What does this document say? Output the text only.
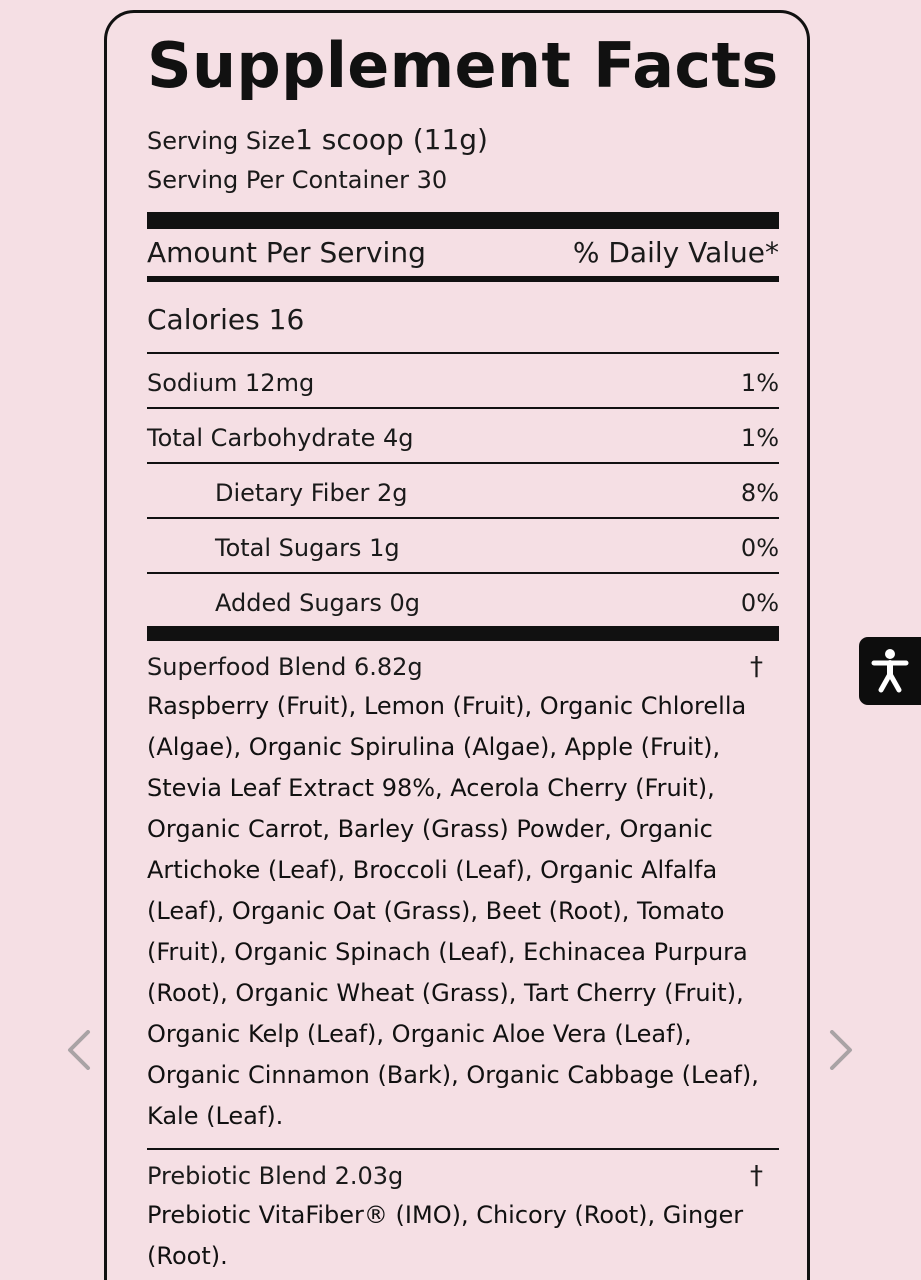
Supplement Facts
Serving Size1 scoop (11g)
Serving Per Container 30
Amount Per Serving	% Daily Value*
Calories 16
Sodium 12mg	1%
Total Carbohydrate 4g	1%
Dietary Fiber 2g	8%
Total Sugars 1g	0%
Added Sugars 0g	0%
Superfood Blend 6.82g	†
Raspberry (Fruit), Lemon (Fruit), Organic Chlorella (Algae), Organic Spirulina (Algae), Apple (Fruit), Stevia Leaf Extract 98%, Acerola Cherry (Fruit), Organic Carrot, Barley (Grass) Powder, Organic Artichoke (Leaf), Broccoli (Leaf), Organic Alfalfa (Leaf), Organic Oat (Grass), Beet (Root), Tomato (Fruit), Organic Spinach (Leaf), Echinacea Purpura (Root), Organic Wheat (Grass), Tart Cherry (Fruit), Organic Kelp (Leaf), Organic Aloe Vera (Leaf), Organic Cinnamon (Bark), Organic Cabbage (Leaf), Kale (Leaf).
Prebiotic Blend 2.03g	†
Prebiotic VitaFiber® (IMO), Chicory (Root), Ginger (Root).
